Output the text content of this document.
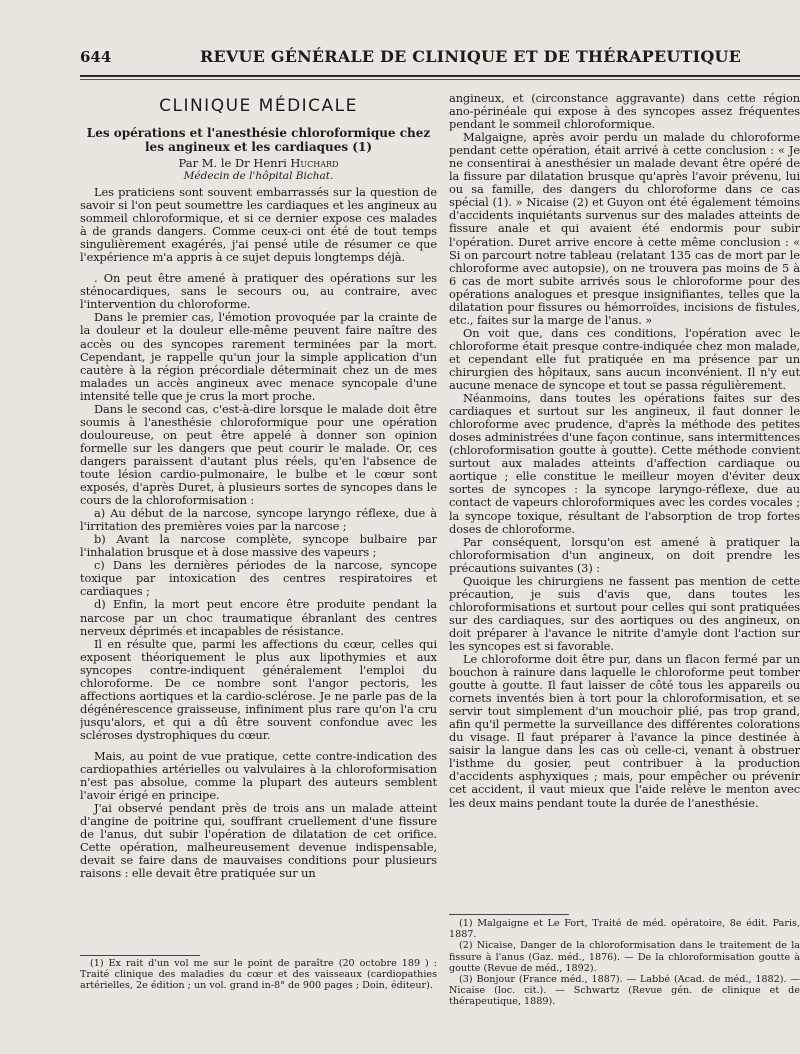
644	REVUE GÉNÉRALE DE CLINIQUE ET DE THÉRAPEUTIQUE
CLINIQUE MÉDICALE
Les opérations et l'anesthésie chloroformique chez les angineux et les cardiaques (1)
Par M. le Dr Henri Huchard
Médecin de l'hôpital Bichat.

Les praticiens sont souvent embarrassés sur la question de savoir si l'on peut soumettre les cardiaques et les angineux au sommeil chloroformique, et si ce dernier expose ces malades à de grands dangers. Comme ceux-ci ont été de tout temps singulièrement exagérés, j'ai pensé utile de résumer ce que l'expérience m'a appris à ce sujet depuis longtemps déjà.

. On peut être amené à pratiquer des opérations sur les sténocardiques, sans le secours ou, au contraire, avec l'intervention du chloroforme.

Dans le premier cas, l'émotion provoquée par la crainte de la douleur et la douleur elle-même peuvent faire naître des accès ou des syncopes rarement terminées par la mort. Cependant, je rappelle qu'un jour la simple application d'un cautère à la région précordiale déterminait chez un de mes malades un accès angineux avec menace syncopale d'une intensité telle que je crus la mort proche.

Dans le second cas, c'est-à-dire lorsque le malade doit être soumis à l'anesthésie chloroformique pour une opération douloureuse, on peut être appelé à donner son opinion formelle sur les dangers que peut courir le malade. Or, ces dangers paraissent d'autant plus réels, qu'en l'absence de toute lésion cardio-pulmonaire, le bulbe et le cœur sont exposés, d'après Duret, à plusieurs sortes de syncopes dans le cours de la chloroformisation :

a) Au début de la narcose, syncope laryngo réflexe, due à l'irritation des premières voies par la narcose ;

b) Avant la narcose complète, syncope bulbaire par l'inhalation brusque et à dose massive des vapeurs ;

c) Dans les dernières périodes de la narcose, syncope toxique par intoxication des centres respiratoires et cardiaques ;

d) Enfin, la mort peut encore être produite pendant la narcose par un choc traumatique ébranlant des centres nerveux déprimés et incapables de résistance.

Il en résulte que, parmi les affections du cœur, celles qui exposent théoriquement le plus aux lipothymies et aux syncopes contre-indiquent généralement l'emploi du chloroforme. De ce nombre sont l'angor pectoris, les affections aortiques et la cardio-sclérose. Je ne parle pas de la dégénérescence graisseuse, infiniment plus rare qu'on l'a cru jusqu'alors, et qui a dû être souvent confondue avec les scléroses dystrophiques du cœur.

Mais, au point de vue pratique, cette contre-indication des cardiopathies artérielles ou valvulaires à la chloroformisation n'est pas absolue, comme la plupart des auteurs semblent l'avoir érigé en principe.

J'ai observé pendant près de trois ans un malade atteint d'angine de poitrine qui, souffrant cruellement d'une fissure de l'anus, dut subir l'opération de dilatation de cet orifice. Cette opération, malheureusement devenue indispensable, devait se faire dans de mauvaises conditions pour plusieurs raisons : elle devait être pratiquée sur un

angineux, et (circonstance aggravante) dans cette région ano-périnéale qui expose à des syncopes assez fréquentes pendant le sommeil chloroformique.

Malgaigne, après avoir perdu un malade du chloroforme pendant cette opération, était arrivé à cette conclusion : « Je ne consentirai à anesthésier un malade devant être opéré de la fissure par dilatation brusque qu'après l'avoir prévenu, lui ou sa famille, des dangers du chloroforme dans ce cas spécial (1). » Nicaise (2) et Guyon ont été également témoins d'accidents inquiétants survenus sur des malades atteints de fissure anale et qui avaient été endormis pour subir l'opération. Duret arrive encore à cette même conclusion : « Si on parcourt notre tableau (relatant 135 cas de mort par le chloroforme avec autopsie), on ne trouvera pas moins de 5 à 6 cas de mort subite arrivés sous le chloroforme pour des opérations analogues et presque insignifiantes, telles que la dilatation pour fissures ou hémorroïdes, incisions de fistules, etc., faites sur la marge de l'anus. »

On voit que, dans ces conditions, l'opération avec le chloroforme était presque contre-indiquée chez mon malade, et cependant elle fut pratiquée en ma présence par un chirurgien des hôpitaux, sans aucun inconvénient. Il n'y eut aucune menace de syncope et tout se passa régulièrement.

Néanmoins, dans toutes les opérations faites sur des cardiaques et surtout sur les angineux, il faut donner le chloroforme avec prudence, d'après la méthode des petites doses administrées d'une façon continue, sans intermittences (chloroformisation goutte à goutte). Cette méthode convient surtout aux malades atteints d'affection cardiaque ou aortique ; elle constitue le meilleur moyen d'éviter deux sortes de syncopes : la syncope laryngo-réflexe, due au contact de vapeurs chloroformiques avec les cordes vocales ; la syncope toxique, résultant de l'absorption de trop fortes doses de chloroforme.

Par conséquent, lorsqu'on est amené à pratiquer la chloroformisation d'un angineux, on doit prendre les précautions suivantes (3) :

Quoique les chirurgiens ne fassent pas mention de cette précaution, je suis d'avis que, dans toutes les chloroformisations et surtout pour celles qui sont pratiquées sur des cardiaques, sur des aortiques ou des angineux, on doit préparer à l'avance le nitrite d'amyle dont l'action sur les syncopes est si favorable.

Le chloroforme doit être pur, dans un flacon fermé par un bouchon à rainure dans laquelle le chloroforme peut tomber goutte à goutte. Il faut laisser de côté tous les appareils ou cornets inventés bien à tort pour la chloroformisation, et se servir tout simplement d'un mouchoir plié, pas trop grand, afin qu'il permette la surveillance des différentes colorations du visage. Il faut préparer à l'avance la pince destinée à saisir la langue dans les cas où celle-ci, venant à obstruer l'isthme du gosier, peut contribuer à la production d'accidents asphyxiques ; mais, pour empêcher ou prévenir cet accident, il vaut mieux que l'aide relève le menton avec les deux mains pendant toute la durée de l'anesthésie.

(1) Ex rait d'un vol me sur le point de paraître (20 octobre 189 ) : Traité clinique des maladies du cœur et des vaisseaux (cardiopathies artérielles, 2e édition ; un vol. grand in-8° de 900 pages ; Doin, éditeur).

(1) Malgaigne et Le Fort, Traité de méd. opératoire, 8e édit. Paris, 1887.

(2) Nicaise, Danger de la chloroformisation dans le traitement de la fissure à l'anus (Gaz. méd., 1876). — De la chloroformisation goutte à goutte (Revue de méd., 1892).

(3) Bonjour (France méd., 1887). — Labbé (Acad. de méd., 1882). — Nicaise (loc. cit.). — Schwartz (Revue gén. de clinique et de thérapeutique, 1889).
